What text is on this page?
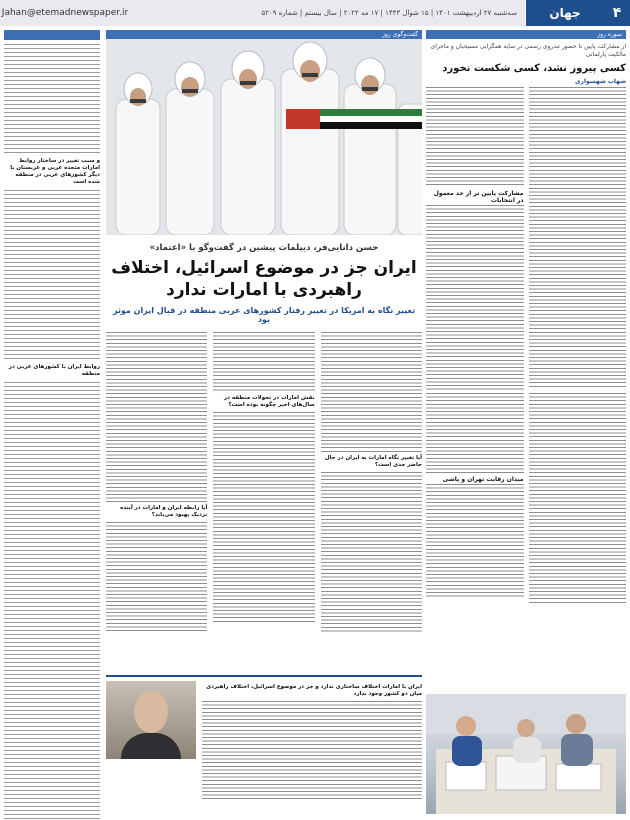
۴
جهان
سه‌شنبه ۲۷ اردیبهشت ۱۴۰۱ | ۱۵ شوال ۱۴۴۳ | ۱۷ مه ۲۰۲۲ | سال بیستم | شماره ۵۲۰۹
Jahan@etemadnewspaper.ir
سوره روز
از مشارکت پایین تا حضور تندروی رسمی در سایه همگرایی مسیحیان و ماجرای مالکیت پارلمانی
کسی پیروز نشد، کسی شکست نخورد
شهاب شهسواری
مشارکت پایین تر از حد معمول در انتخابات
میدان رقابت تهران و پاشی
و سبب تغییر در ساختار روابط امارات متحده عربی و عربستان با دیگر کشورهای عربی در منطقه شده است
روابط ایران با کشورهای عربی در منطقه
گفت‌وگوی روز
حسن دانایی‌فر، دیپلمات پیشین در گفت‌وگو با «اعتماد»
ایران جز در موضوع اسرائیل، اختلاف راهبردی با امارات ندارد
تغییر نگاه به امریکا در تغییر رفتار کشورهای عربی منطقه در قبال ایران موثر بود
آیا تغییر نگاه امارات به ایران در حال حاضر جدی است؟
نقش امارات در تحولات منطقه در سال‌های اخیر چگونه بوده است؟
آیا رابطه ایران و امارات در آینده نزدیک بهبود می‌یابد؟
ایران با امارات اختلاف ساختاری ندارد و جز در موضوع اسرائیل، اختلاف راهبردی میان دو کشور وجود ندارد
